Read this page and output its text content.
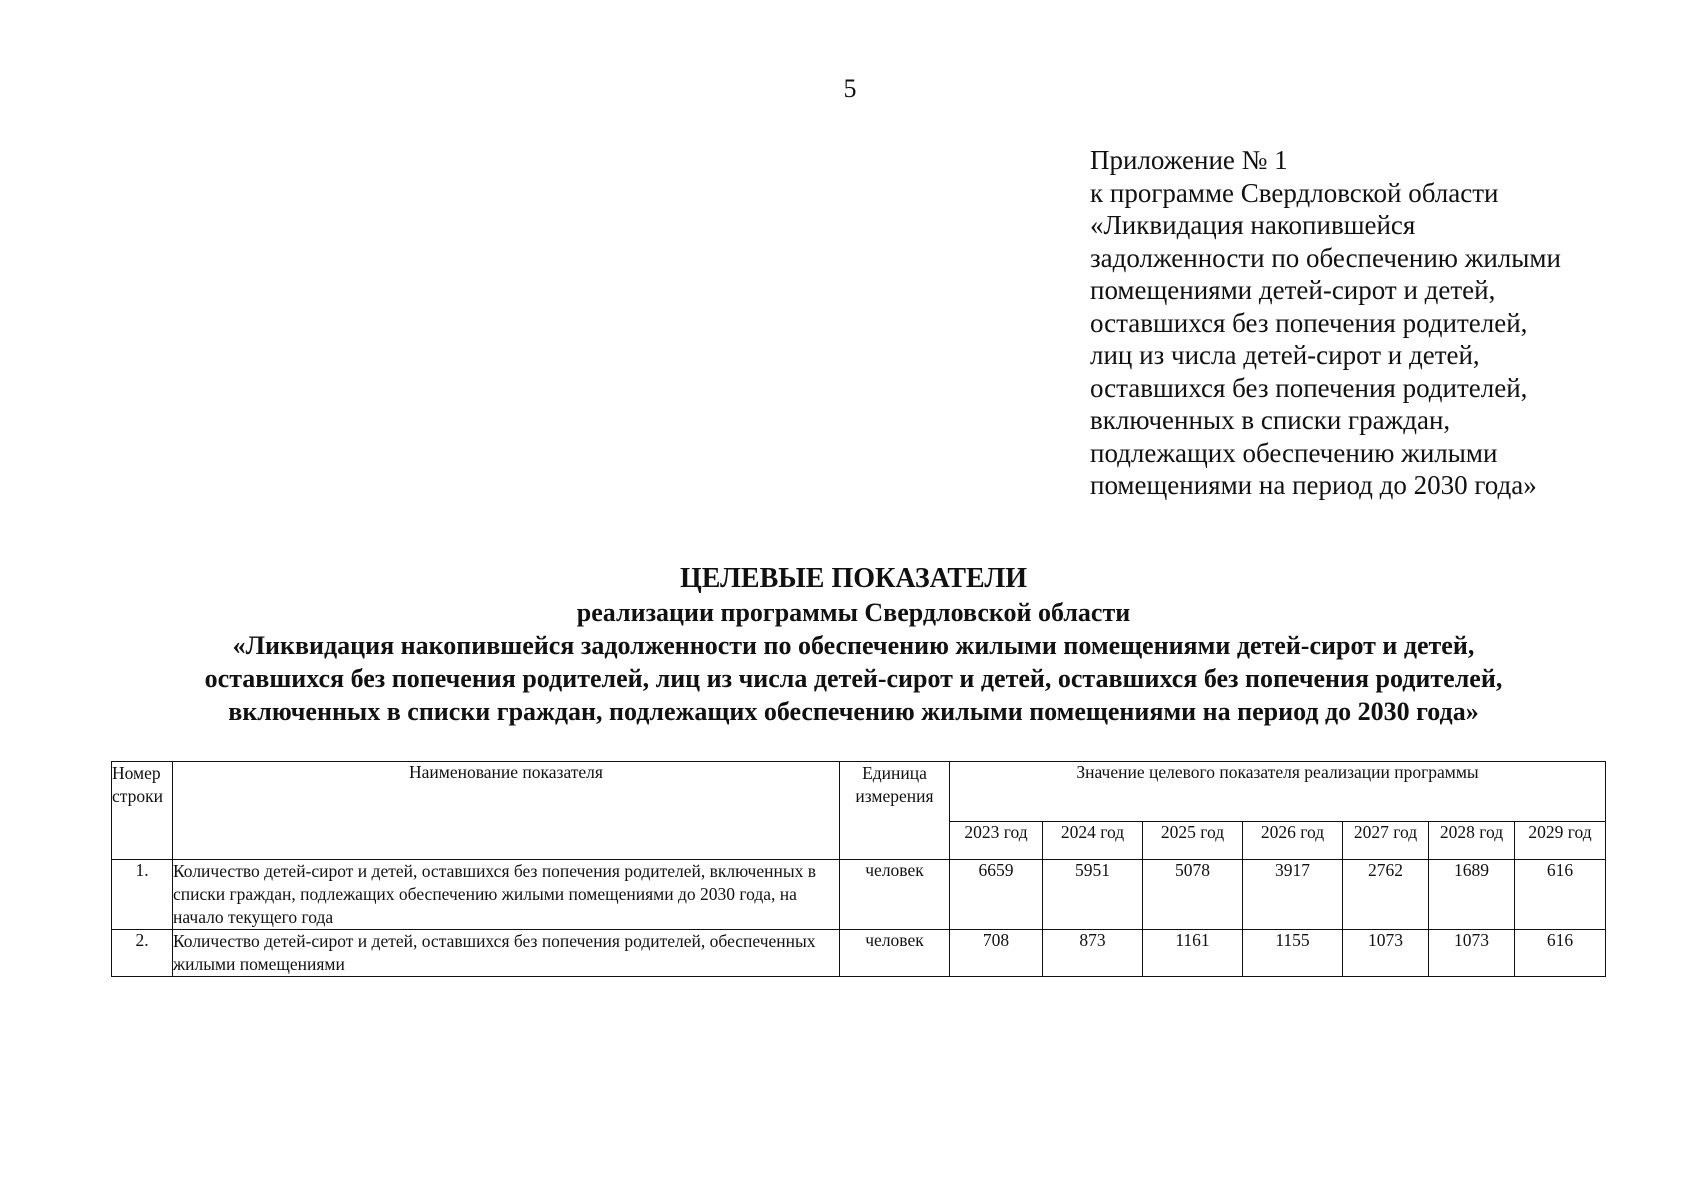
5
Приложение № 1
к программе Свердловской области
«Ликвидация накопившейся
задолженности по обеспечению жилыми
помещениями детей-сирот и детей,
оставшихся без попечения родителей,
лиц из числа детей-сирот и детей,
оставшихся без попечения родителей,
включенных в списки граждан,
подлежащих обеспечению жилыми
помещениями на период до 2030 года»
ЦЕЛЕВЫЕ ПОКАЗАТЕЛИ
реализации программы Свердловской области
«Ликвидация накопившейся задолженности по обеспечению жилыми помещениями детей-сирот и детей,
оставшихся без попечения родителей, лиц из числа детей-сирот и детей, оставшихся без попечения родителей,
включенных в списки граждан, подлежащих обеспечению жилыми помещениями на период до 2030 года»
Номер строки	Наименование показателя	Единица измерения	Значение целевого показателя реализации программы						
			2023 год	2024 год	2025 год	2026 год	2027 год	2028 год	2029 год
1.	Количество детей-сирот и детей, оставшихся без попечения родителей, включенных в списки граждан, подлежащих обеспечению жилыми помещениями до 2030 года, на начало текущего года	человек	6659	5951	5078	3917	2762	1689	616
2.	Количество детей-сирот и детей, оставшихся без попечения родителей, обеспеченных жилыми помещениями	человек	708	873	1161	1155	1073	1073	616
